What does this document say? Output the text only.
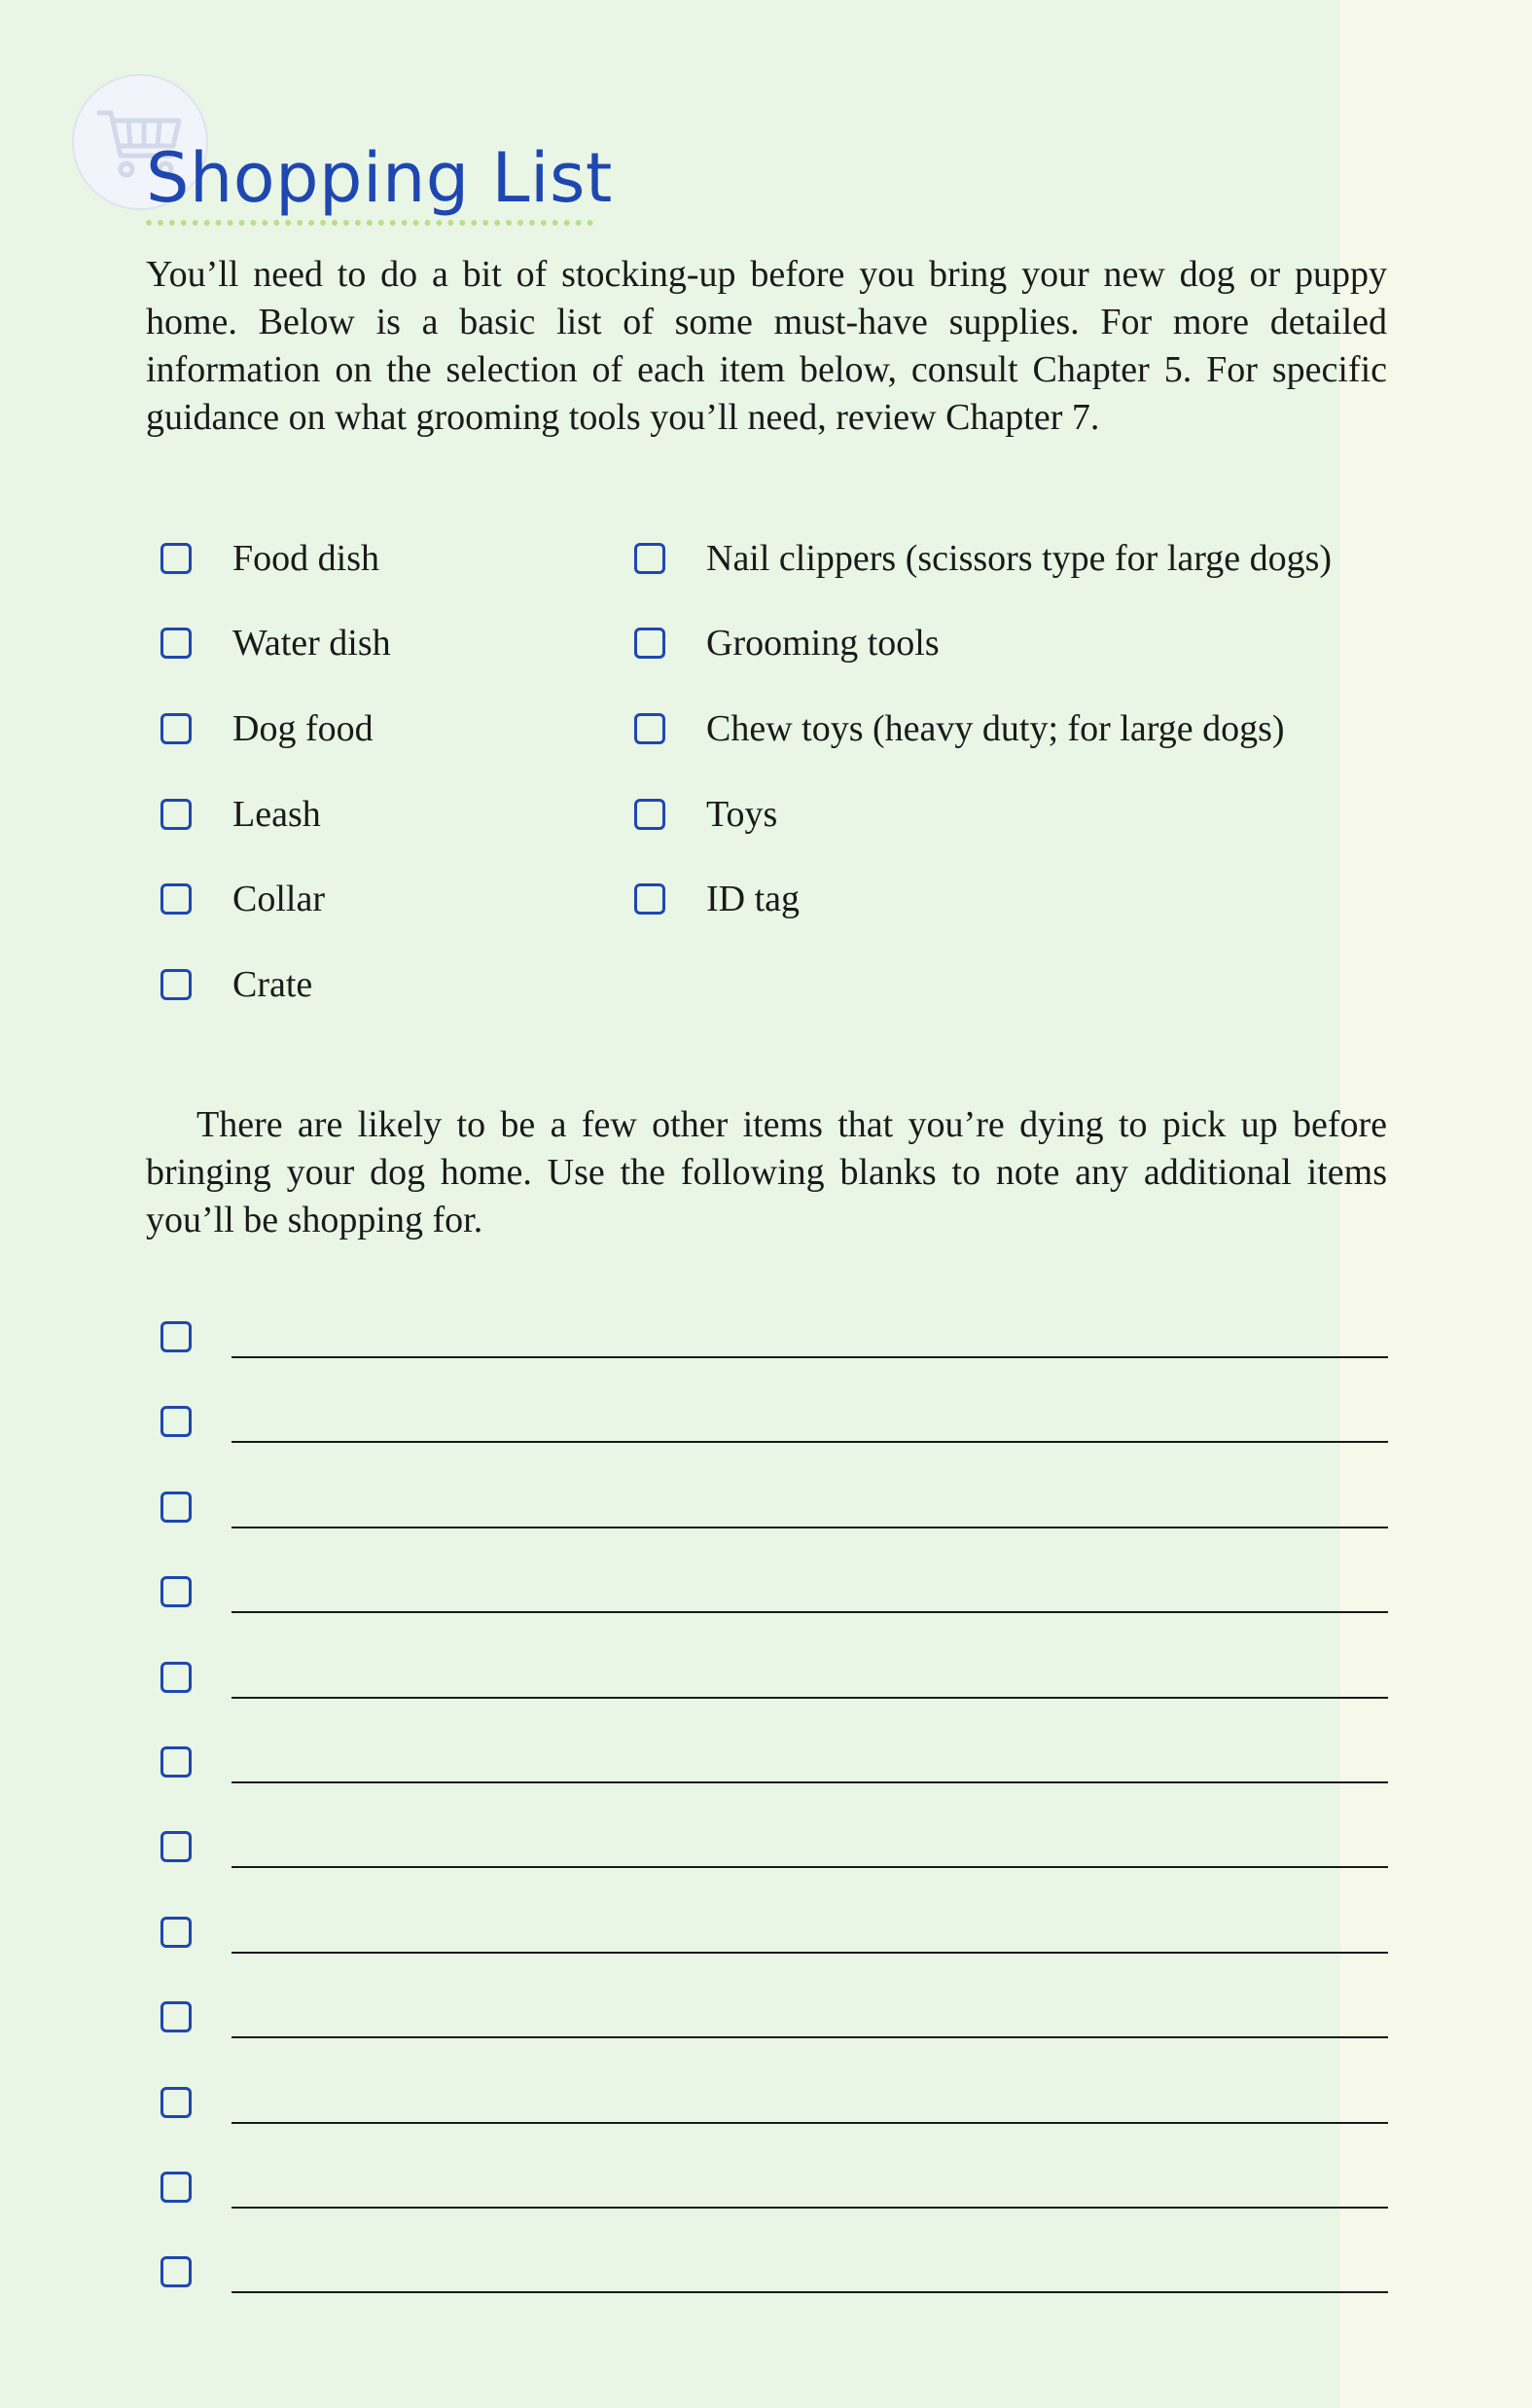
Shopping List

You’ll need to do a bit of stocking-up before you bring your new dog or puppy home. Below is a basic list of some must-have supplies. For more detailed information on the selection of each item below, consult Chapter 5. For specific guidance on what grooming tools you’ll need, review Chapter 7.

Food dish
Water dish
Dog food
Leash
Collar
Crate
Nail clippers (scissors type for large dogs)
Grooming tools
Chew toys (heavy duty; for large dogs)
Toys
ID tag

There are likely to be a few other items that you’re dying to pick up before bringing your dog home. Use the following blanks to note any additional items you’ll be shopping for.
